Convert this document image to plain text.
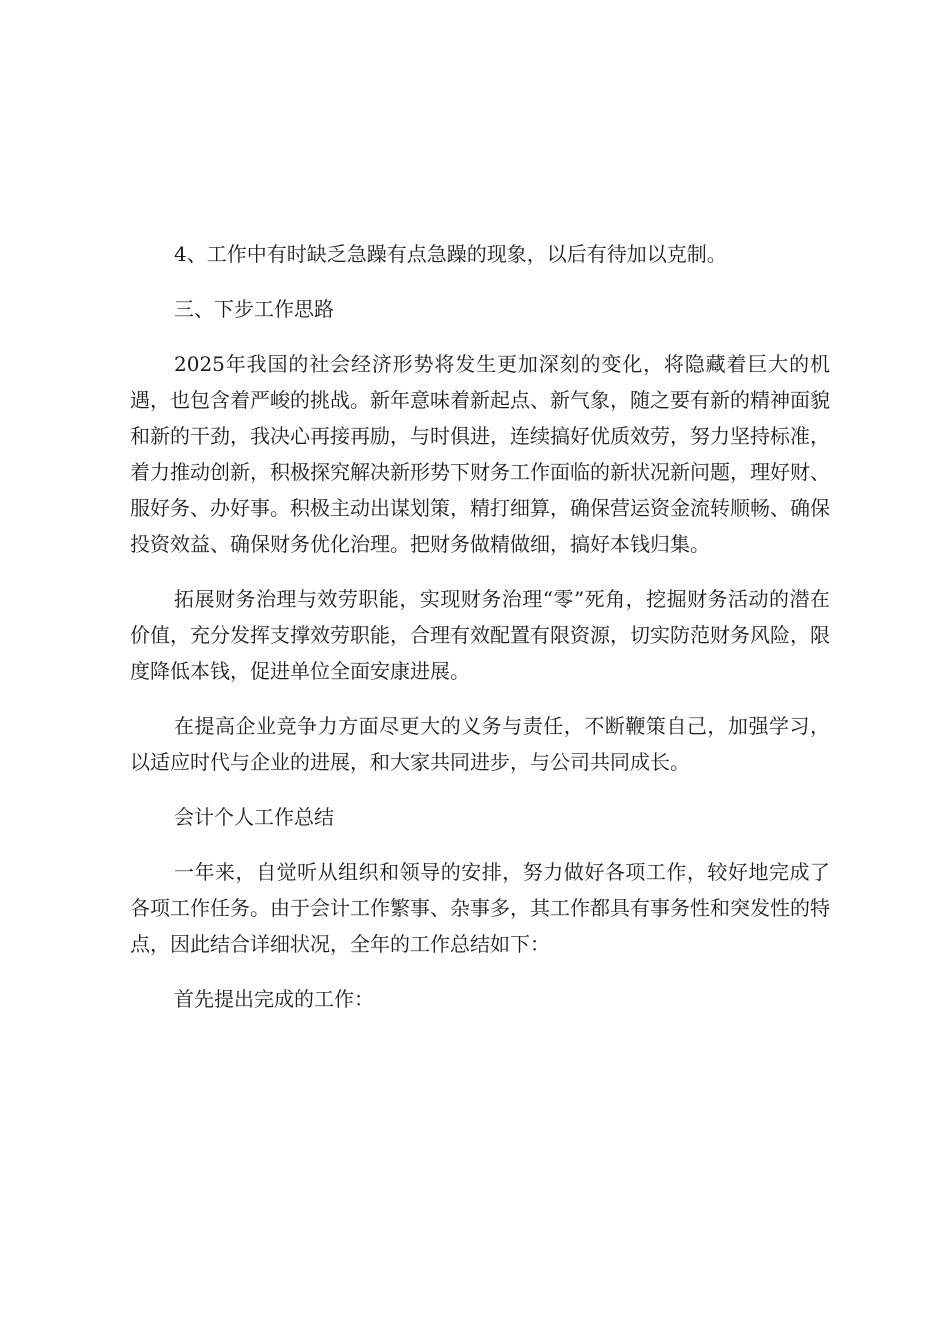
4、工作中有时缺乏急躁有点急躁的现象，以后有待加以克制。

三、下步工作思路

2025年我国的社会经济形势将发生更加深刻的变化，将隐藏着巨大的机遇，也包含着严峻的挑战。新年意味着新起点、新气象，随之要有新的精神面貌和新的干劲，我决心再接再励，与时俱进，连续搞好优质效劳，努力坚持标准，着力推动创新，积极探究解决新形势下财务工作面临的新状况新问题，理好财、服好务、办好事。积极主动出谋划策，精打细算，确保营运资金流转顺畅、确保投资效益、确保财务优化治理。把财务做精做细，搞好本钱归集。

拓展财务治理与效劳职能，实现财务治理“零”死角，挖掘财务活动的潜在价值，充分发挥支撑效劳职能，合理有效配置有限资源，切实防范财务风险，限度降低本钱，促进单位全面安康进展。

在提高企业竞争力方面尽更大的义务与责任，不断鞭策自己，加强学习，以适应时代与企业的进展，和大家共同进步，与公司共同成长。

会计个人工作总结

一年来，自觉听从组织和领导的安排，努力做好各项工作，较好地完成了各项工作任务。由于会计工作繁事、杂事多，其工作都具有事务性和突发性的特点，因此结合详细状况，全年的工作总结如下：

首先提出完成的工作：
